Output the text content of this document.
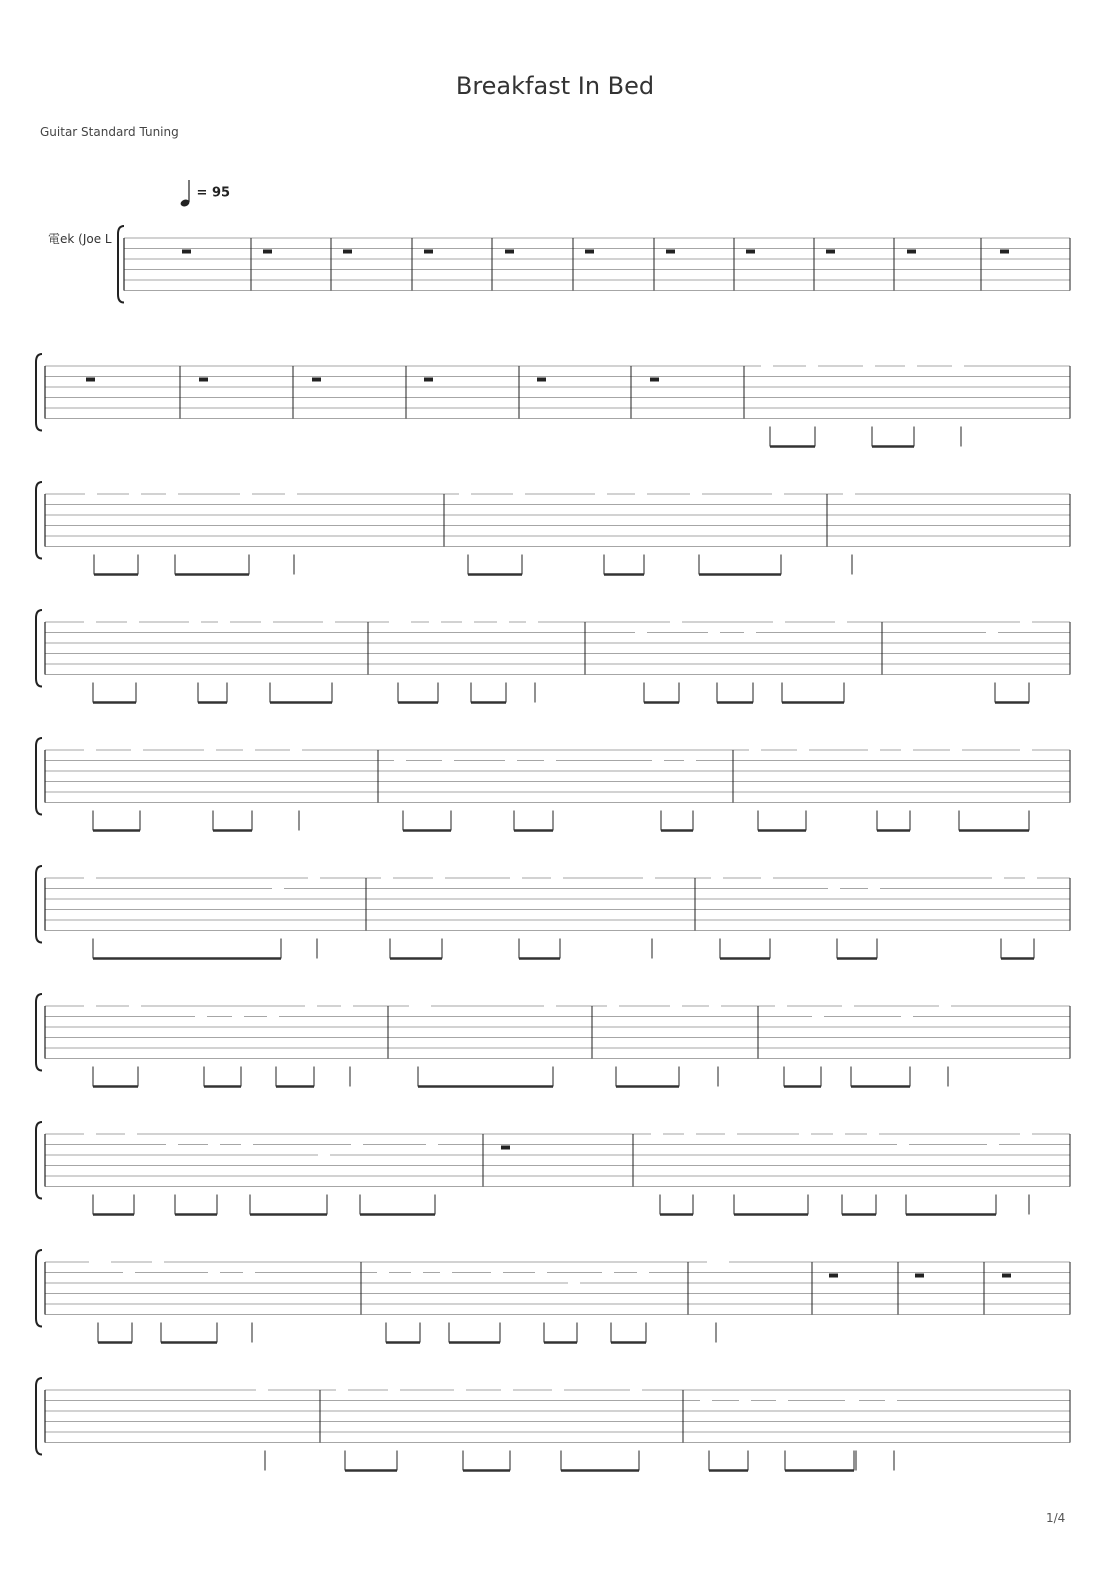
Breakfast In Bed
Guitar Standard Tuning
= 95
電ek (Joe L
1/4
